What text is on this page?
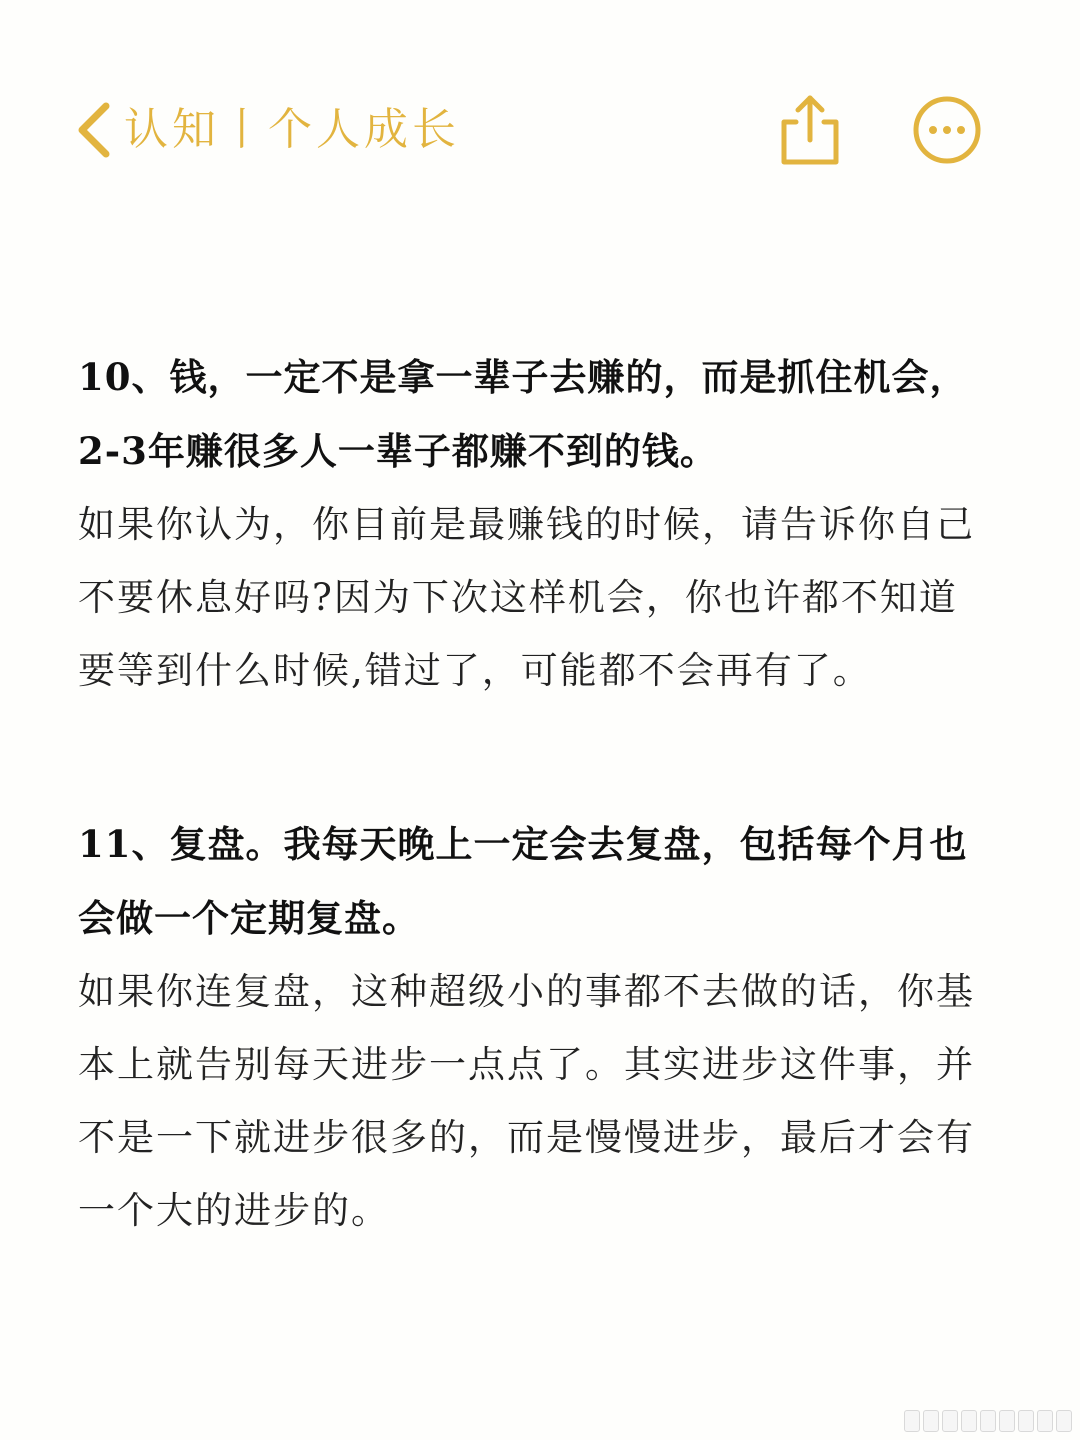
认知丨个人成长

10、钱，一定不是拿一辈子去赚的，而是抓住机会，2-3年赚很多人一辈子都赚不到的钱。

如果你认为，你目前是最赚钱的时候，请告诉你自己不要休息好吗?因为下次这样机会，你也许都不知道要等到什么时候,错过了，可能都不会再有了。

11、复盘。我每天晚上一定会去复盘，包括每个月也会做一个定期复盘。

如果你连复盘，这种超级小的事都不去做的话，你基本上就告别每天进步一点点了。其实进步这件事，并不是一下就进步很多的，而是慢慢进步，最后才会有一个大的进步的。
